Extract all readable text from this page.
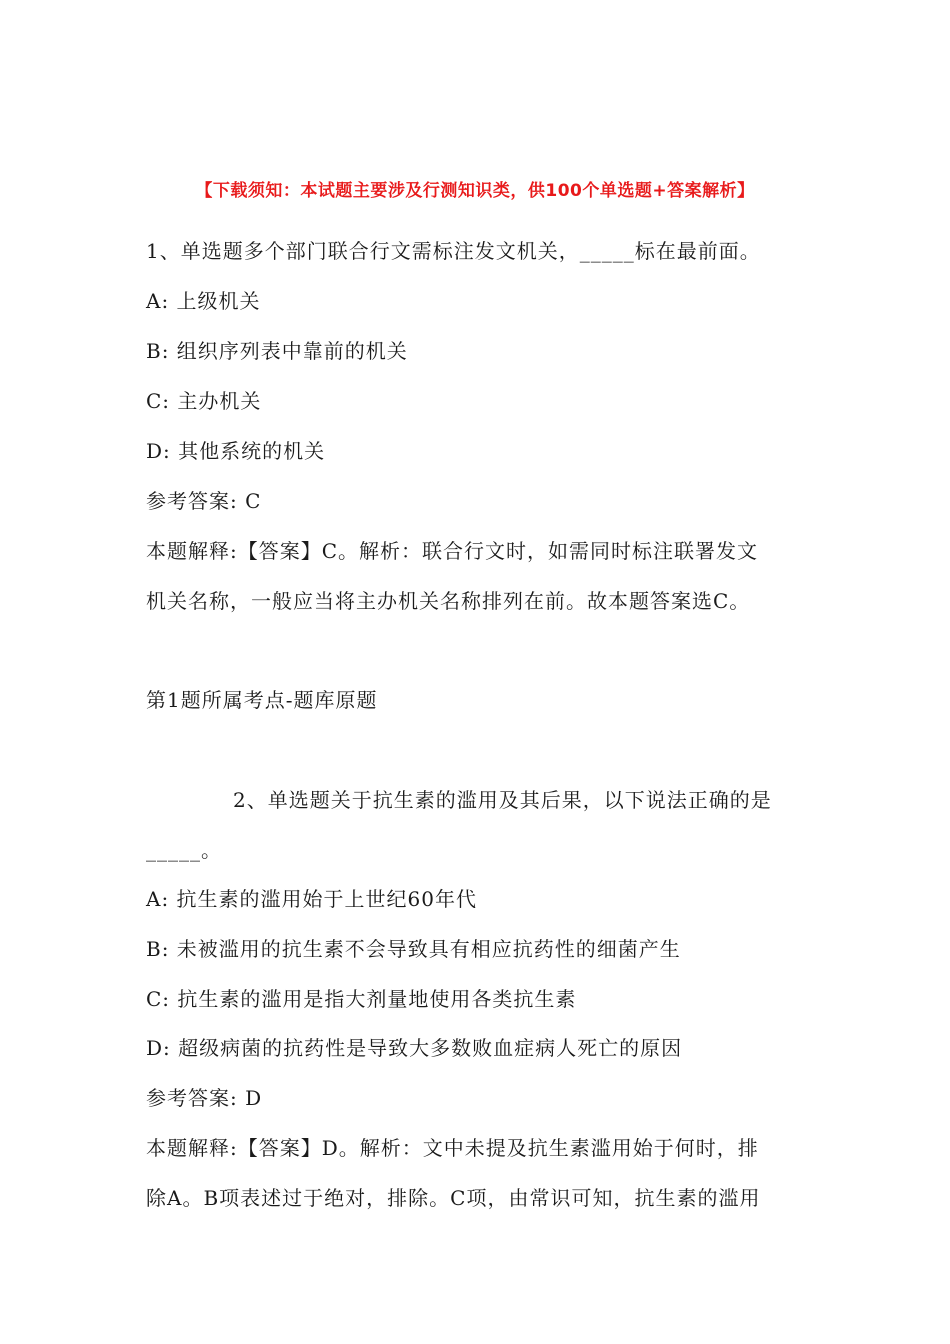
【下载须知：本试题主要涉及行测知识类，供100个单选题+答案解析】
1、单选题多个部门联合行文需标注发文机关，_____标在最前面。
A: 上级机关
B: 组织序列表中靠前的机关
C: 主办机关
D: 其他系统的机关
参考答案: C
本题解释:【答案】C。解析：联合行文时，如需同时标注联署发文
机关名称，一般应当将主办机关名称排列在前。故本题答案选C。
第1题所属考点-题库原题
2、单选题关于抗生素的滥用及其后果，以下说法正确的是
_____。
A: 抗生素的滥用始于上世纪60年代
B: 未被滥用的抗生素不会导致具有相应抗药性的细菌产生
C: 抗生素的滥用是指大剂量地使用各类抗生素
D: 超级病菌的抗药性是导致大多数败血症病人死亡的原因
参考答案: D
本题解释:【答案】D。解析：文中未提及抗生素滥用始于何时，排
除A。B项表述过于绝对，排除。C项，由常识可知，抗生素的滥用
